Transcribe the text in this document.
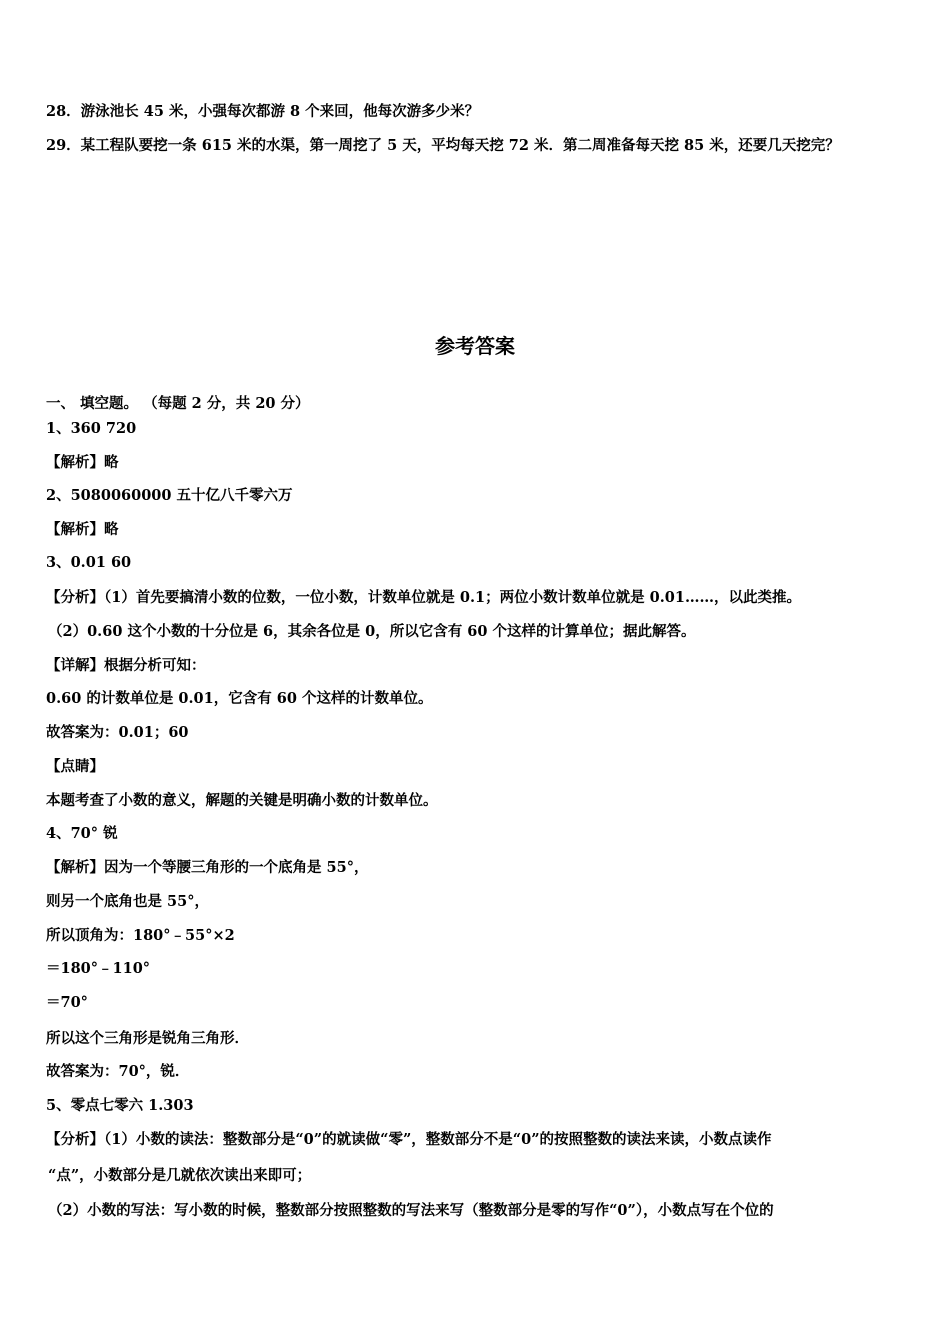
28．游泳池长 45 米，小强每次都游 8 个来回，他每次游多少米？
29．某工程队要挖一条 615 米的水渠，第一周挖了 5 天，平均每天挖 72 米．第二周准备每天挖 85 米，还要几天挖完？
参考答案
一、 填空题。 （每题 2 分，共 20 分）
1、360 720
【解析】略
2、5080060000 五十亿八千零六万
【解析】略
3、0.01 60
【分析】（1）首先要搞清小数的位数，一位小数，计数单位就是 0.1；两位小数计数单位就是 0.01……，以此类推。
（2）0.60 这个小数的十分位是 6，其余各位是 0，所以它含有 60 个这样的计算单位；据此解答。
【详解】根据分析可知：
0.60 的计数单位是 0.01，它含有 60 个这样的计数单位。
故答案为：0.01；60
【点睛】
本题考查了小数的意义，解题的关键是明确小数的计数单位。
4、70° 锐
【解析】因为一个等腰三角形的一个底角是 55°，
则另一个底角也是 55°，
所以顶角为：180°﹣55°×2
＝180°﹣110°
＝70°
所以这个三角形是锐角三角形．
故答案为：70°，锐．
5、零点七零六 1.303
【分析】（1）小数的读法：整数部分是“0”的就读做“零”，整数部分不是“0”的按照整数的读法来读，小数点读作
“点”，小数部分是几就依次读出来即可；
（2）小数的写法：写小数的时候，整数部分按照整数的写法来写（整数部分是零的写作“0”），小数点写在个位的
